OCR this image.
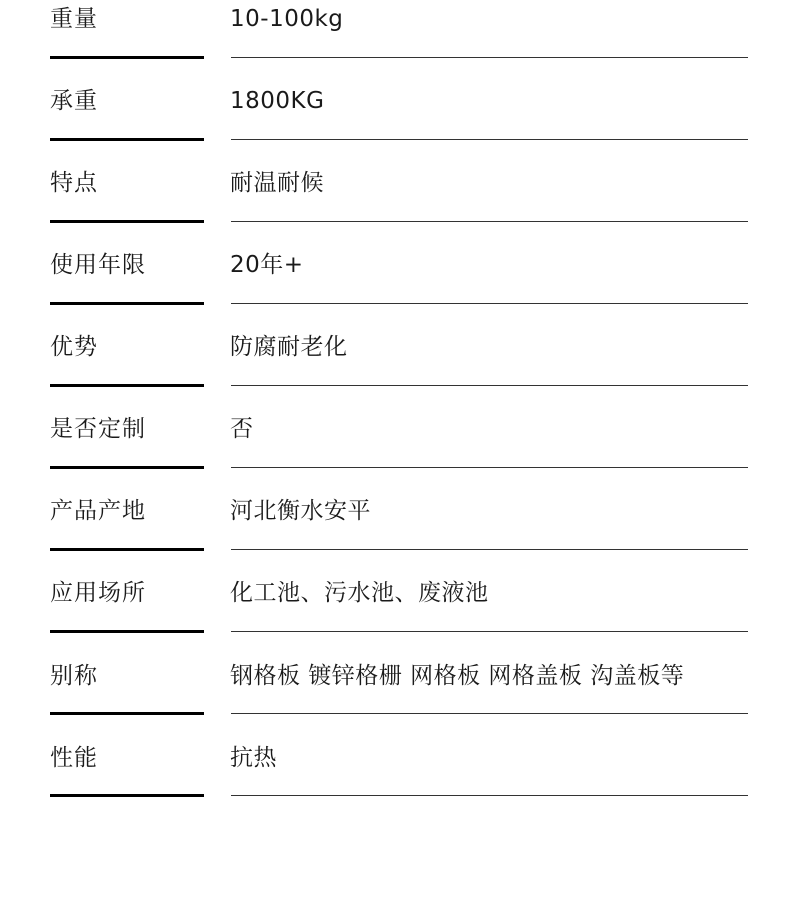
重量	10-100kg
承重	1800KG
特点	耐温耐候
使用年限	20年+
优势	防腐耐老化
是否定制	否
产品产地	河北衡水安平
应用场所	化工池、污水池、废液池
别称	钢格板 镀锌格栅 网格板 网格盖板 沟盖板等
性能	抗热
